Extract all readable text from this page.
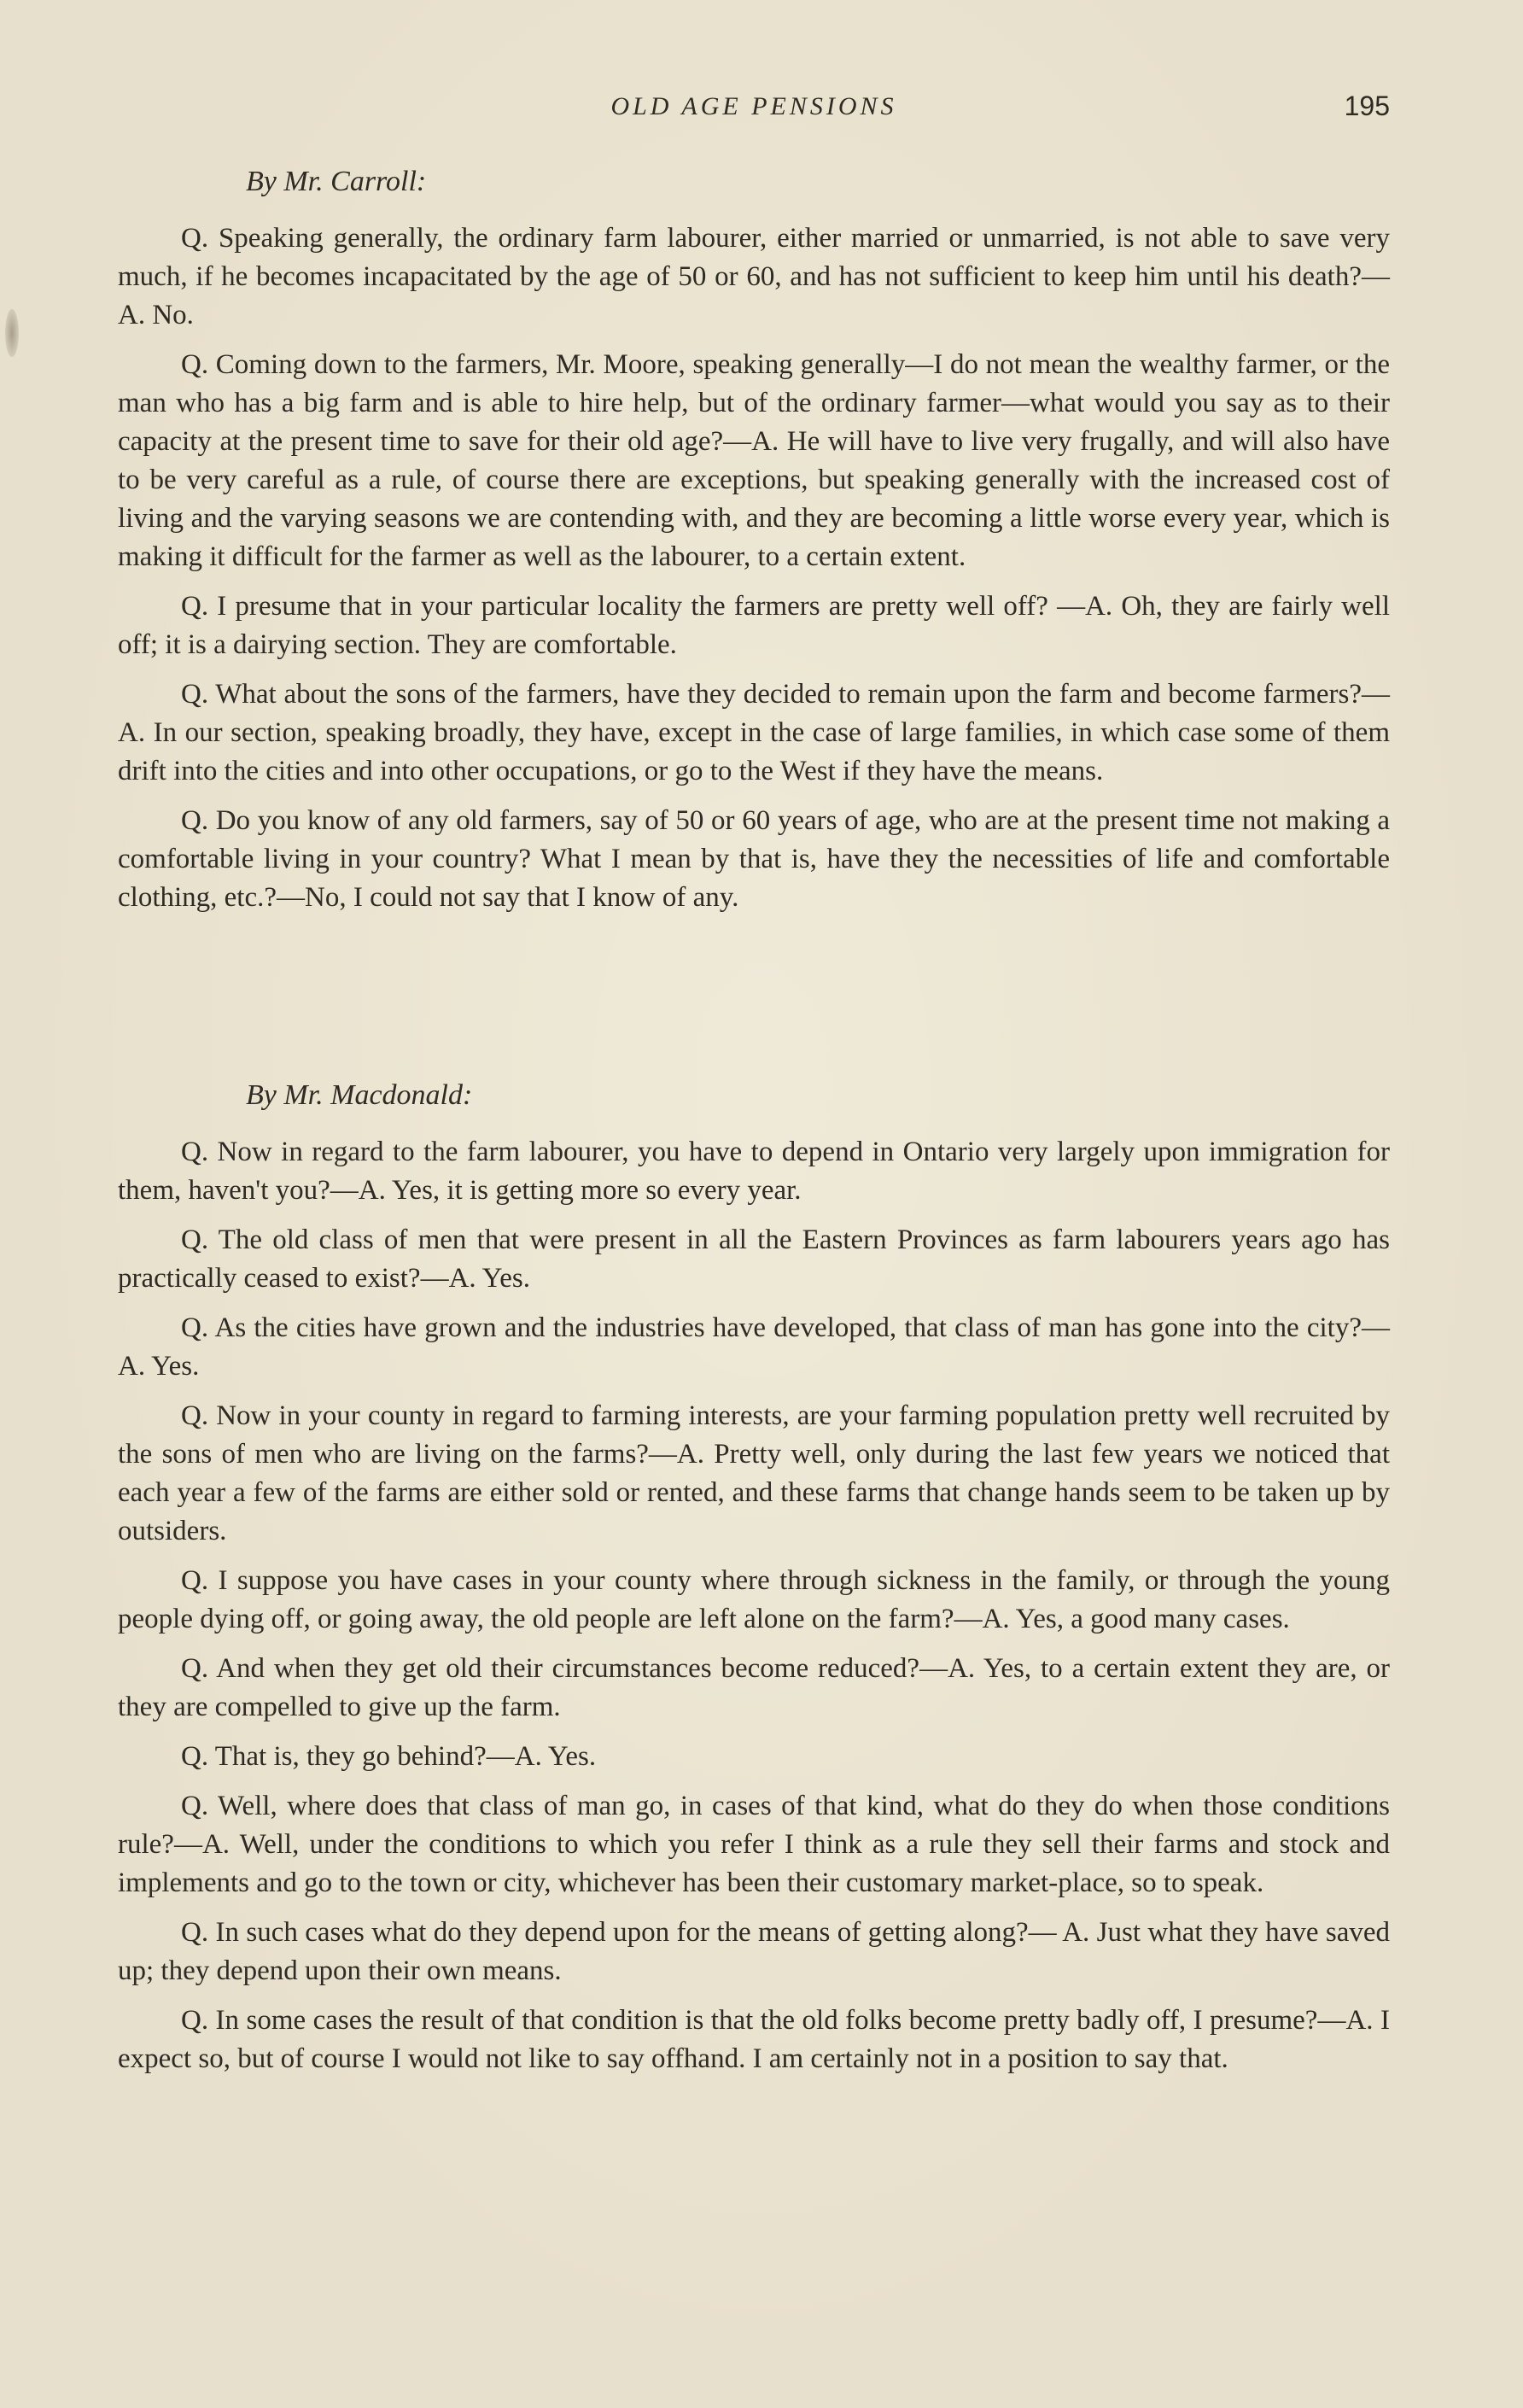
OLD AGE PENSIONS	195

By Mr. Carroll:

Q. Speaking generally, the ordinary farm labourer, either married or unmarried, is not able to save very much, if he becomes incapacitated by the age of 50 or 60, and has not sufficient to keep him until his death?—A. No.

Q. Coming down to the farmers, Mr. Moore, speaking generally—I do not mean the wealthy farmer, or the man who has a big farm and is able to hire help, but of the ordinary farmer—what would you say as to their capacity at the present time to save for their old age?—A. He will have to live very frugally, and will also have to be very careful as a rule, of course there are exceptions, but speaking generally with the increased cost of living and the varying seasons we are contending with, and they are becoming a little worse every year, which is making it difficult for the farmer as well as the labourer, to a certain extent.

Q. I presume that in your particular locality the farmers are pretty well off? —A. Oh, they are fairly well off; it is a dairying section. They are comfortable.

Q. What about the sons of the farmers, have they decided to remain upon the farm and become farmers?—A. In our section, speaking broadly, they have, except in the case of large families, in which case some of them drift into the cities and into other occupations, or go to the West if they have the means.

Q. Do you know of any old farmers, say of 50 or 60 years of age, who are at the present time not making a comfortable living in your country? What I mean by that is, have they the necessities of life and comfortable clothing, etc.?—No, I could not say that I know of any.

By Mr. Macdonald:

Q. Now in regard to the farm labourer, you have to depend in Ontario very largely upon immigration for them, haven't you?—A. Yes, it is getting more so every year.

Q. The old class of men that were present in all the Eastern Provinces as farm labourers years ago has practically ceased to exist?—A. Yes.

Q. As the cities have grown and the industries have developed, that class of man has gone into the city?—A. Yes.

Q. Now in your county in regard to farming interests, are your farming population pretty well recruited by the sons of men who are living on the farms?—A. Pretty well, only during the last few years we noticed that each year a few of the farms are either sold or rented, and these farms that change hands seem to be taken up by outsiders.

Q. I suppose you have cases in your county where through sickness in the family, or through the young people dying off, or going away, the old people are left alone on the farm?—A. Yes, a good many cases.

Q. And when they get old their circumstances become reduced?—A. Yes, to a certain extent they are, or they are compelled to give up the farm.

Q. That is, they go behind?—A. Yes.

Q. Well, where does that class of man go, in cases of that kind, what do they do when those conditions rule?—A. Well, under the conditions to which you refer I think as a rule they sell their farms and stock and implements and go to the town or city, whichever has been their customary market-place, so to speak.

Q. In such cases what do they depend upon for the means of getting along?— A. Just what they have saved up; they depend upon their own means.

Q. In some cases the result of that condition is that the old folks become pretty badly off, I presume?—A. I expect so, but of course I would not like to say offhand. I am certainly not in a position to say that.
